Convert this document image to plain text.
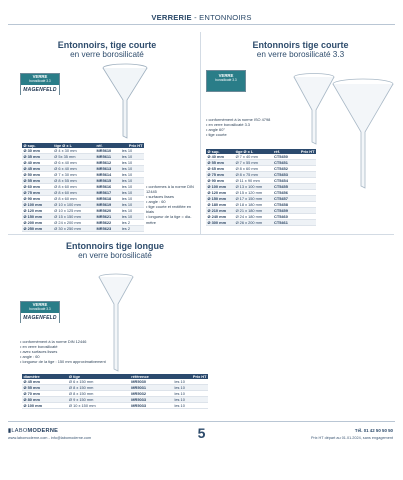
VERRERIE - ENTONNOIRS
Entonnoirs, tige courte
en verre borosilicaté
VERRE
borosilicaté 3.3
MAGENFELD
Ø sup.	tige Ø x L	réf.	Prix HT
Ø 30 mm	Ø 4 x 30 mm	MR5610	les 10
Ø 35 mm	Ø 5x 35 mm	MR5611	les 10
Ø 40 mm	Ø 6 x 40 mm	MR5612	les 10
Ø 45 mm	Ø 6 x 40 mm	MR5613	les 10
Ø 50 mm	Ø 7 x 30 mm	MR5614	les 10
Ø 55 mm	Ø 8 x 55 mm	MR5615	les 10
Ø 60 mm	Ø 8 x 60 mm	MR5616	les 10
Ø 75 mm	Ø 8 x 60 mm	MR5617	les 10
Ø 90 mm	Ø 8 x 60 mm	MR5618	les 10
Ø 100 mm	Ø 10 x 100 mm	MR5619	les 10
Ø 120 mm	Ø 10 x 125 mm	MR5620	les 10
Ø 150 mm	Ø 15 x 150 mm	MR5621	les 10
Ø 200 mm	Ø 24 x 200 mm	MR5622	les 2
Ø 250 mm	Ø 30 x 250 mm	MR5623	les 2
• conformes à la norme DIN 12445
• surfaces lisses
• angle : 60
• tige courte et rectifiée en biais
• longueur de la tige = dia-mètre
Entonnoirs tige courte
en verre borosilicaté 3.3
VERRE
borosilicaté 3.3
• conformément à la norme ISO 4798
• en verre borosilicaté 3.3
• angle 60°
• tige courte
Ø sup.	tige Ø x L	réf.	Prix HT
Ø 40 mm	Ø 7 x 40 mm	CT5450	
Ø 55 mm	Ø 7 x 55 mm	CT5451	
Ø 65 mm	Ø 8 x 60 mm	CT5452	
Ø 75 mm	Ø 8 x 75 mm	CT5453	
Ø 90 mm	Ø 11 x 90 mm	CT5454	
Ø 100 mm	Ø 13 x 100 mm	CT5455	
Ø 120 mm	Ø 15 x 120 mm	CT5456	
Ø 150 mm	Ø 17 x 150 mm	CT5457	
Ø 180 mm	Ø 18 x 180 mm	CT5458	
Ø 210 mm	Ø 21 x 180 mm	CT5459	
Ø 240 mm	Ø 24 x 180 mm	CT5460	
Ø 300 mm	Ø 26 x 200 mm	CT5461	
Entonnoirs tige longue
en verre borosilicaté
VERRE
borosilicaté 3.3
MAGENFELD
• conformément à la norme DIN 12446
• en verre borosilicaté
• avec surfaces lisses
• angle : 60
• longueur de la tige : 150 mm approximativement
diamètre	Ø tige	référence	Prix HT
Ø 45 mm	Ø 6 x 150 mm	MR5030	les 10
Ø 55 mm	Ø 8 x 150 mm	MR5031	les 10
Ø 70 mm	Ø 8 x 150 mm	MR5032	les 10
Ø 80 mm	Ø 9 x 150 mm	MR5033	les 10
Ø 100 mm	Ø 10 x 150 mm	MR5033	les 10
▮LABOMODERNE
www.labomoderne.com - info@labomoderne.com	5	Tél. 01 42 50 50 50
Prix HT départ au 01.01.2024, sans engagement
